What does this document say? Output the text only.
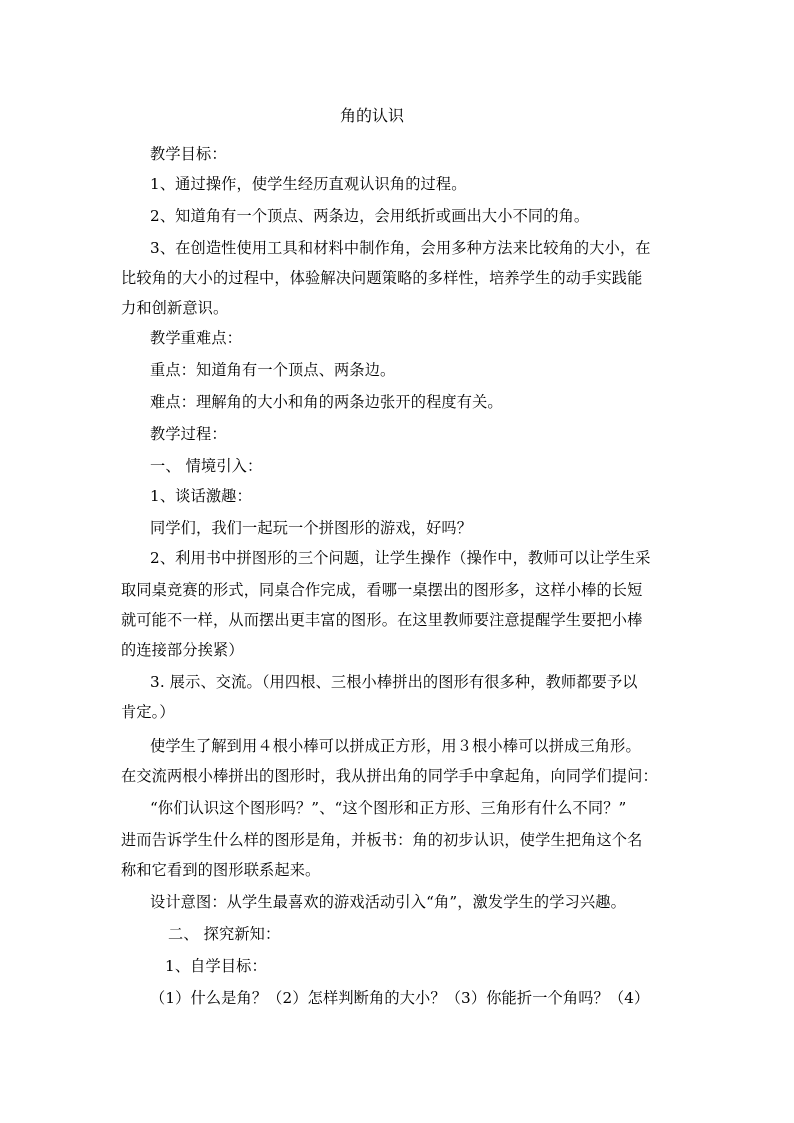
角的认识
教学目标：
1、通过操作，使学生经历直观认识角的过程。
2、知道角有一个顶点、两条边，会用纸折或画出大小不同的角。
3、在创造性使用工具和材料中制作角，会用多种方法来比较角的大小，在
比较角的大小的过程中，体验解决问题策略的多样性，培养学生的动手实践能
力和创新意识。
教学重难点：
重点：知道角有一个顶点、两条边。
难点：理解角的大小和角的两条边张开的程度有关。
教学过程：
一、 情境引入：
1、谈话激趣：
同学们，我们一起玩一个拼图形的游戏，好吗？
2、利用书中拼图形的三个问题，让学生操作（操作中，教师可以让学生采
取同桌竞赛的形式，同桌合作完成，看哪一桌摆出的图形多，这样小棒的长短
就可能不一样，从而摆出更丰富的图形。在这里教师要注意提醒学生要把小棒
的连接部分挨紧）
3. 展示、交流。（用四根、三根小棒拼出的图形有很多种，教师都要予以
肯定。）
使学生了解到用４根小棒可以拼成正方形，用３根小棒可以拼成三角形。
在交流两根小棒拼出的图形时，我从拼出角的同学手中拿起角，向同学们提问：
“你们认识这个图形吗？”、“这个图形和正方形、三角形有什么不同？”
进而告诉学生什么样的图形是角，并板书：角的初步认识，使学生把角这个名
称和它看到的图形联系起来。
设计意图：从学生最喜欢的游戏活动引入“角”，激发学生的学习兴趣。
二、 探究新知：
1、自学目标：
（1）什么是角？（2）怎样判断角的大小？（3）你能折一个角吗？（4）
